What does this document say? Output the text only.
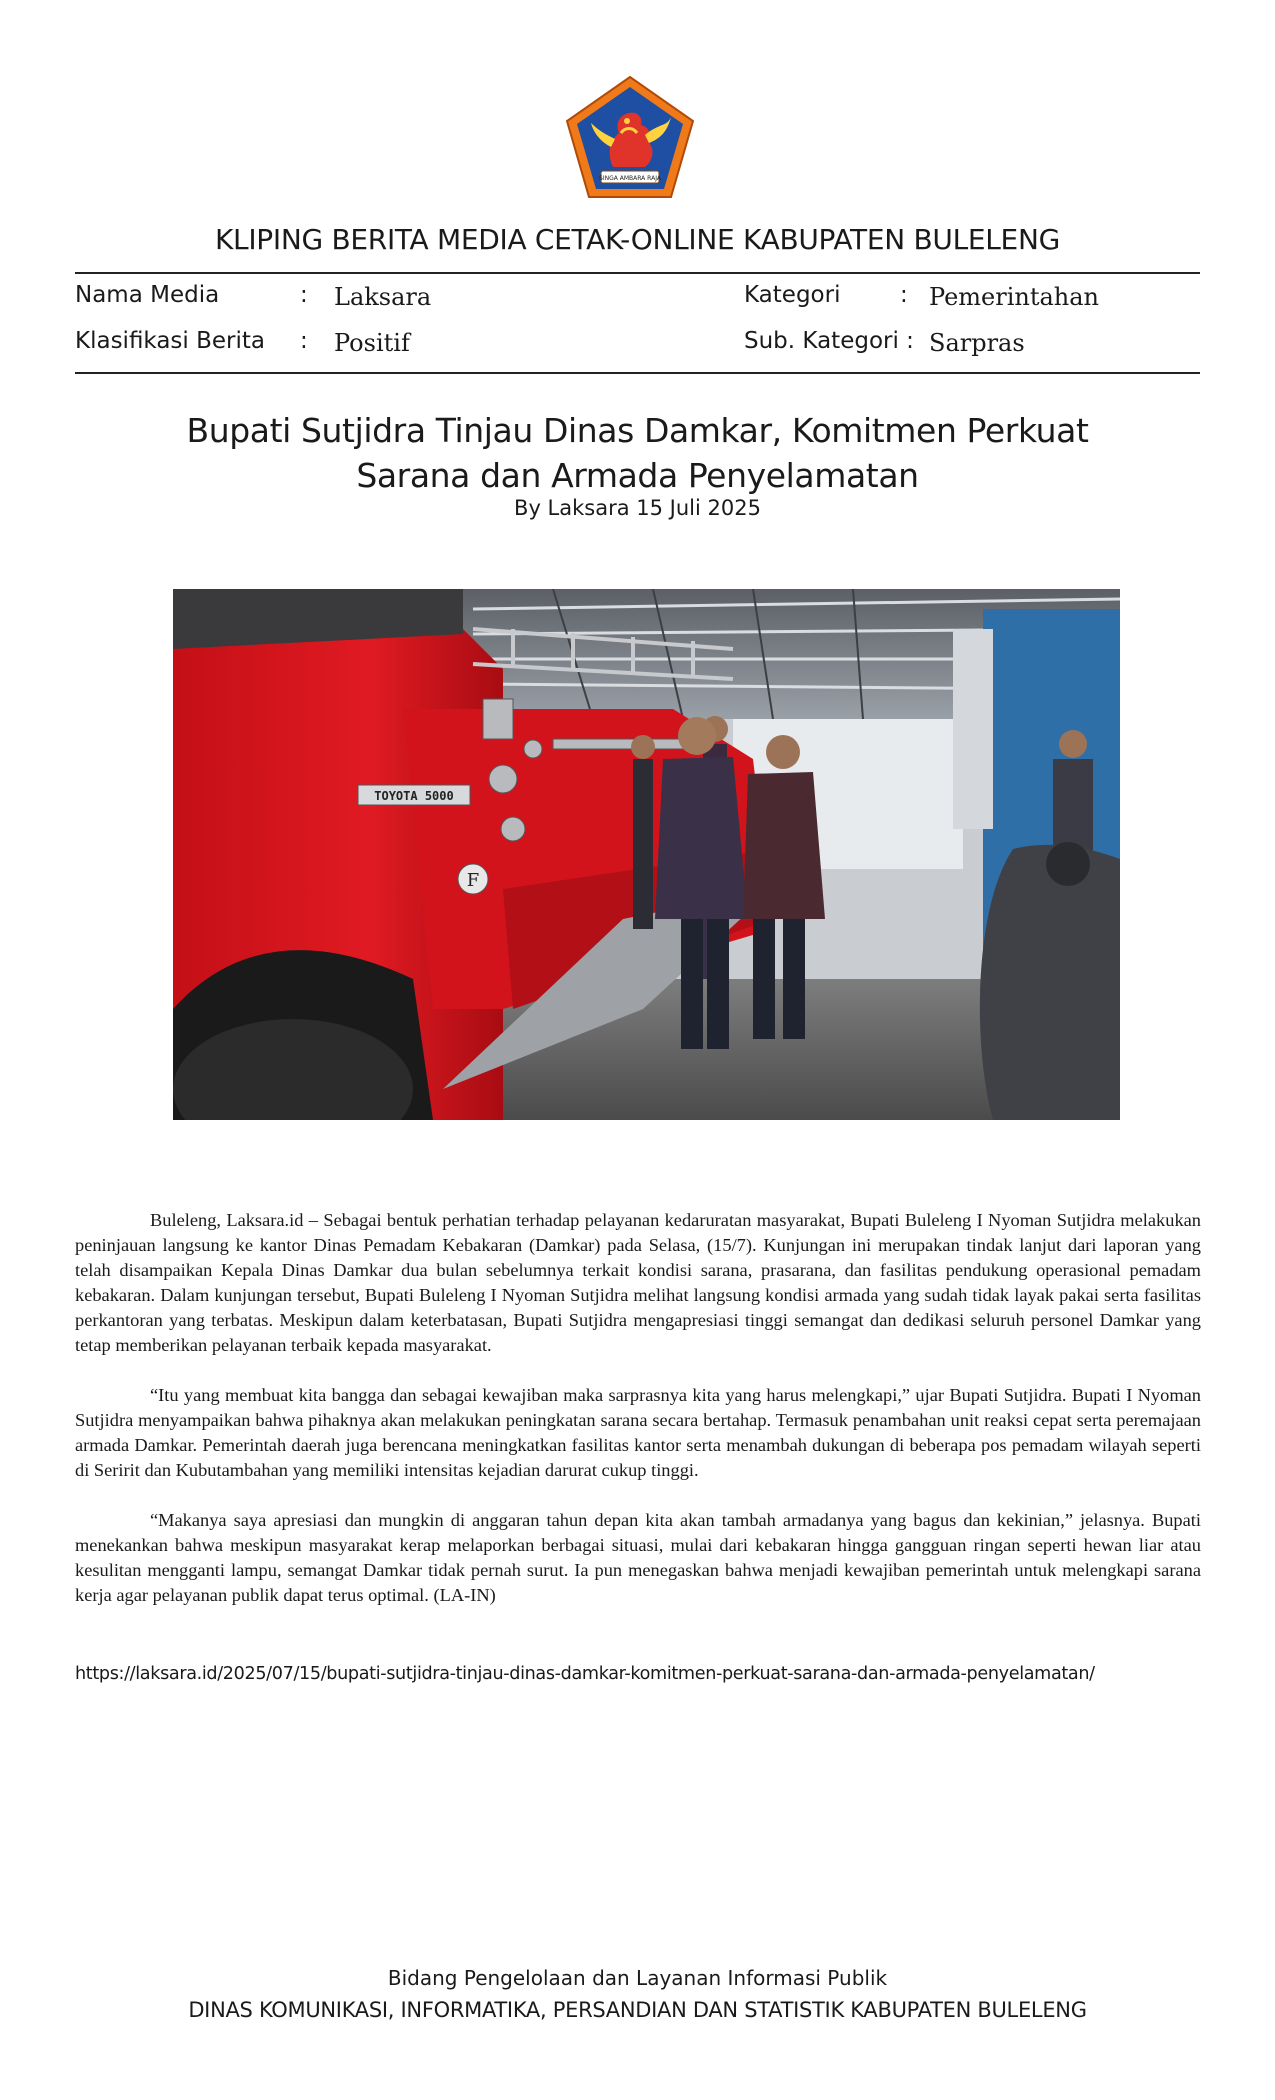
SINGA AMBARA RAJA
KLIPING BERITA MEDIA CETAK-ONLINE KABUPATEN BULELENG
Nama Media	: Laksara	Kategori	: Pemerintahan
Klasifikasi Berita : Positif	Sub. Kategori : Sarpras
Bupati Sutjidra Tinjau Dinas Damkar, Komitmen Perkuat
Sarana dan Armada Penyelamatan
By Laksara 15 Juli 2025
TOYOTA 5000
F

Buleleng, Laksara.id – Sebagai bentuk perhatian terhadap pelayanan kedaruratan masyarakat, Bupati Buleleng I Nyoman Sutjidra melakukan peninjauan langsung ke kantor Dinas Pemadam Kebakaran (Damkar) pada Selasa, (15/7). Kunjungan ini merupakan tindak lanjut dari laporan yang telah disampaikan Kepala Dinas Damkar dua bulan sebelumnya terkait kondisi sarana, prasarana, dan fasilitas pendukung operasional pemadam kebakaran. Dalam kunjungan tersebut, Bupati Buleleng I Nyoman Sutjidra melihat langsung kondisi armada yang sudah tidak layak pakai serta fasilitas perkantoran yang terbatas. Meskipun dalam keterbatasan, Bupati Sutjidra mengapresiasi tinggi semangat dan dedikasi seluruh personel Damkar yang tetap memberikan pelayanan terbaik kepada masyarakat.

“Itu yang membuat kita bangga dan sebagai kewajiban maka sarprasnya kita yang harus melengkapi,” ujar Bupati Sutjidra. Bupati I Nyoman Sutjidra menyampaikan bahwa pihaknya akan melakukan peningkatan sarana secara bertahap. Termasuk penambahan unit reaksi cepat serta peremajaan armada Damkar. Pemerintah daerah juga berencana meningkatkan fasilitas kantor serta menambah dukungan di beberapa pos pemadam wilayah seperti di Seririt dan Kubutambahan yang memiliki intensitas kejadian darurat cukup tinggi.

“Makanya saya apresiasi dan mungkin di anggaran tahun depan kita akan tambah armadanya yang bagus dan kekinian,” jelasnya. Bupati menekankan bahwa meskipun masyarakat kerap melaporkan berbagai situasi, mulai dari kebakaran hingga gangguan ringan seperti hewan liar atau kesulitan mengganti lampu, semangat Damkar tidak pernah surut. Ia pun menegaskan bahwa menjadi kewajiban pemerintah untuk melengkapi sarana kerja agar pelayanan publik dapat terus optimal. (LA-IN)

https://laksara.id/2025/07/15/bupati-sutjidra-tinjau-dinas-damkar-komitmen-perkuat-sarana-dan-armada-penyelamatan/
Bidang Pengelolaan dan Layanan Informasi Publik
DINAS KOMUNIKASI, INFORMATIKA, PERSANDIAN DAN STATISTIK KABUPATEN BULELENG
